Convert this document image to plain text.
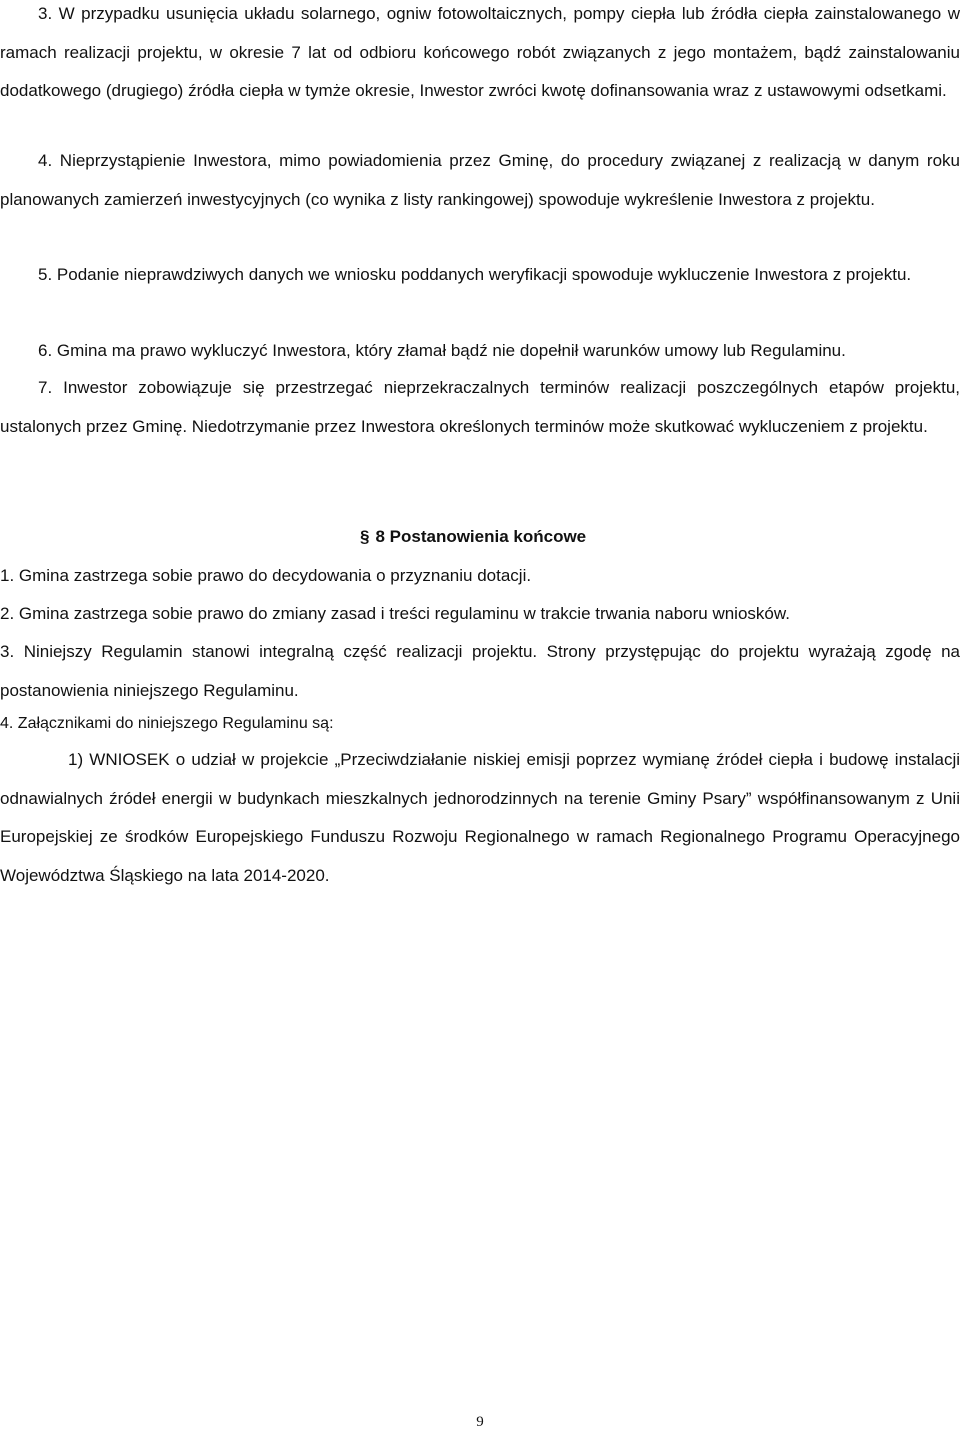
3. W przypadku usunięcia układu solarnego, ogniw fotowoltaicznych, pompy ciepła lub źródła ciepła zainstalowanego w ramach realizacji projektu, w okresie 7 lat od odbioru końcowego robót związanych z jego montażem, bądź zainstalowaniu dodatkowego (drugiego) źródła ciepła w tymże okresie, Inwestor zwróci kwotę dofinansowania wraz z ustawowymi odsetkami.

4. Nieprzystąpienie Inwestora, mimo powiadomienia przez Gminę, do procedury związanej z realizacją w danym roku planowanych zamierzeń inwestycyjnych (co wynika z listy rankingowej) spowoduje wykreślenie Inwestora z projektu.

5. Podanie nieprawdziwych danych we wniosku poddanych weryfikacji spowoduje wykluczenie Inwestora z projektu.

6. Gmina ma prawo wykluczyć Inwestora, który złamał bądź nie dopełnił warunków umowy lub Regulaminu.

7. Inwestor zobowiązuje się przestrzegać nieprzekraczalnych terminów realizacji poszczególnych etapów projektu, ustalonych przez Gminę. Niedotrzymanie przez Inwestora określonych terminów może skutkować wykluczeniem z projektu.

§ 8 Postanowienia końcowe

1. Gmina zastrzega sobie prawo do decydowania o przyznaniu dotacji.

2. Gmina zastrzega sobie prawo do zmiany zasad i treści regulaminu w trakcie trwania naboru wniosków.

3. Niniejszy Regulamin stanowi integralną część realizacji projektu. Strony przystępując do projektu wyrażają zgodę na postanowienia niniejszego Regulaminu.

4. Załącznikami do niniejszego Regulaminu są:

1) WNIOSEK o udział w projekcie „Przeciwdziałanie niskiej emisji poprzez wymianę źródeł ciepła i budowę instalacji odnawialnych źródeł energii w budynkach mieszkalnych jednorodzinnych na terenie Gminy Psary” współfinansowanym z Unii Europejskiej ze środków Europejskiego Funduszu Rozwoju Regionalnego w ramach Regionalnego Programu Operacyjnego Województwa Śląskiego na lata 2014-2020.

9
